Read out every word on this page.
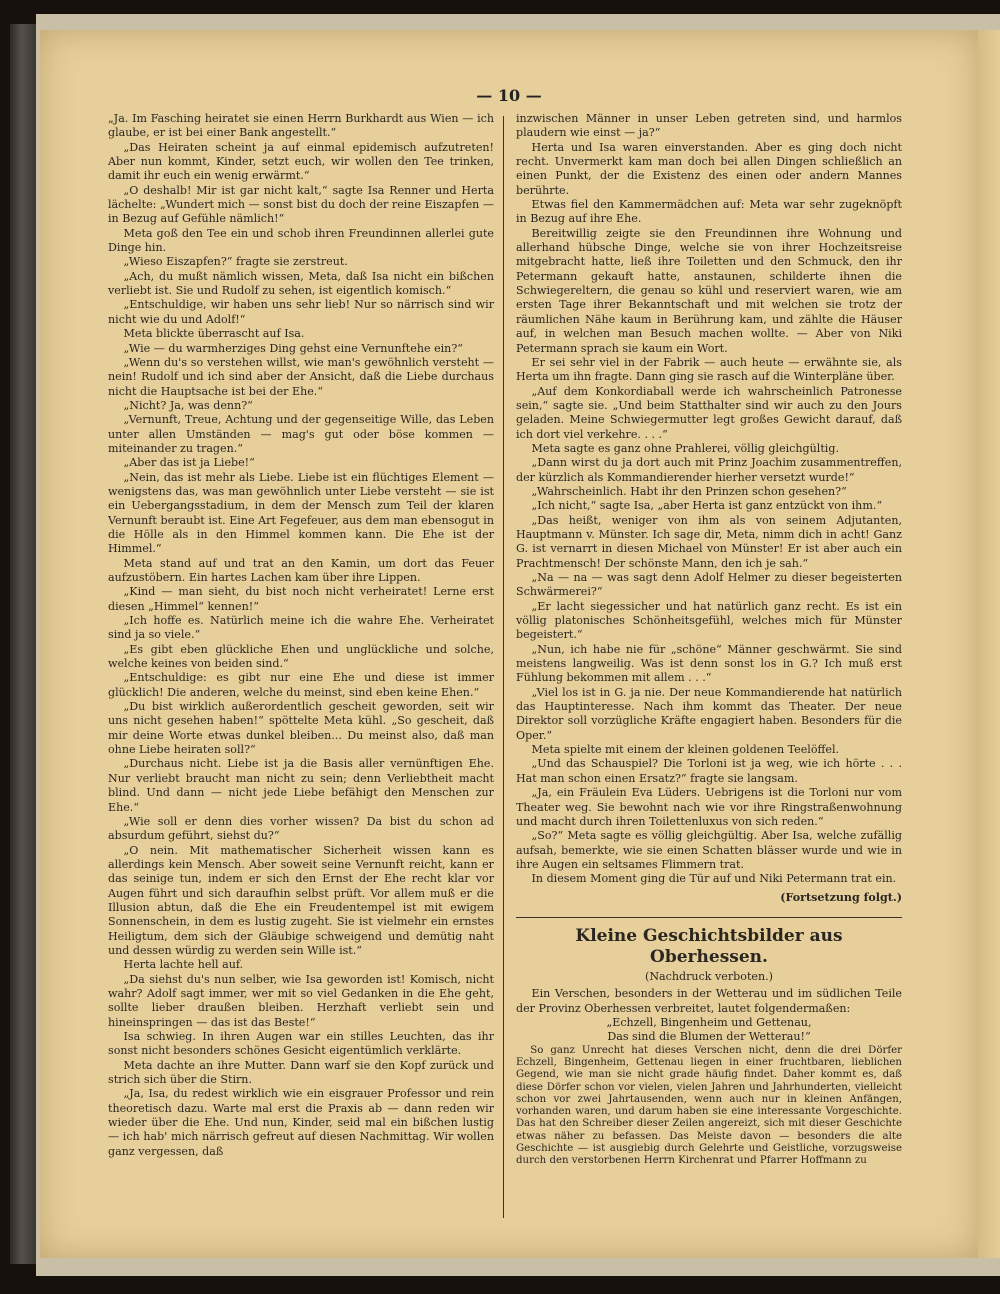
— 10 —

„Ja. Im Fasching heiratet sie einen Herrn Burkhardt aus Wien — ich glaube, er ist bei einer Bank angestellt.“

„Das Heiraten scheint ja auf einmal epidemisch aufzutreten! Aber nun kommt, Kinder, setzt euch, wir wollen den Tee trinken, damit ihr euch ein wenig erwärmt.“

„O deshalb! Mir ist gar nicht kalt,“ sagte Isa Renner und Herta lächelte: „Wundert mich — sonst bist du doch der reine Eiszapfen — in Bezug auf Gefühle nämlich!“

Meta goß den Tee ein und schob ihren Freundinnen allerlei gute Dinge hin.

„Wieso Eiszapfen?“ fragte sie zerstreut.

„Ach, du mußt nämlich wissen, Meta, daß Isa nicht ein bißchen verliebt ist. Sie und Rudolf zu sehen, ist eigentlich komisch.“

„Entschuldige, wir haben uns sehr lieb! Nur so närrisch sind wir nicht wie du und Adolf!“

Meta blickte überrascht auf Isa.

„Wie — du warmherziges Ding gehst eine Vernunftehe ein?“

„Wenn du's so verstehen willst, wie man's gewöhnlich versteht — nein! Rudolf und ich sind aber der Ansicht, daß die Liebe durchaus nicht die Hauptsache ist bei der Ehe.“

„Nicht? Ja, was denn?“

„Vernunft, Treue, Achtung und der gegenseitige Wille, das Leben unter allen Umständen — mag's gut oder böse kommen — miteinander zu tragen.“

„Aber das ist ja Liebe!“

„Nein, das ist mehr als Liebe. Liebe ist ein flüchtiges Element — wenigstens das, was man gewöhnlich unter Liebe versteht — sie ist ein Uebergangsstadium, in dem der Mensch zum Teil der klaren Vernunft beraubt ist. Eine Art Fegefeuer, aus dem man ebensogut in die Hölle als in den Himmel kommen kann. Die Ehe ist der Himmel.“

Meta stand auf und trat an den Kamin, um dort das Feuer aufzustöbern. Ein hartes Lachen kam über ihre Lippen.

„Kind — man sieht, du bist noch nicht verheiratet! Lerne erst diesen „Himmel“ kennen!“

„Ich hoffe es. Natürlich meine ich die wahre Ehe. Verheiratet sind ja so viele.“

„Es gibt eben glückliche Ehen und unglückliche und solche, welche keines von beiden sind.“

„Entschuldige: es gibt nur eine Ehe und diese ist immer glücklich! Die anderen, welche du meinst, sind eben keine Ehen.“

„Du bist wirklich außerordentlich gescheit geworden, seit wir uns nicht gesehen haben!“ spöttelte Meta kühl. „So gescheit, daß mir deine Worte etwas dunkel bleiben... Du meinst also, daß man ohne Liebe heiraten soll?“

„Durchaus nicht. Liebe ist ja die Basis aller vernünftigen Ehe. Nur verliebt braucht man nicht zu sein; denn Verliebtheit macht blind. Und dann — nicht jede Liebe befähigt den Menschen zur Ehe.“

„Wie soll er denn dies vorher wissen? Da bist du schon ad absurdum geführt, siehst du?“

„O nein. Mit mathematischer Sicherheit wissen kann es allerdings kein Mensch. Aber soweit seine Vernunft reicht, kann er das seinige tun, indem er sich den Ernst der Ehe recht klar vor Augen führt und sich daraufhin selbst prüft. Vor allem muß er die Illusion abtun, daß die Ehe ein Freudentempel ist mit ewigem Sonnenschein, in dem es lustig zugeht. Sie ist vielmehr ein ernstes Heiligtum, dem sich der Gläubige schweigend und demütig naht und dessen würdig zu werden sein Wille ist.“

Herta lachte hell auf.

„Da siehst du's nun selber, wie Isa geworden ist! Komisch, nicht wahr? Adolf sagt immer, wer mit so viel Gedanken in die Ehe geht, sollte lieber draußen bleiben. Herzhaft verliebt sein und hineinspringen — das ist das Beste!“

Isa schwieg. In ihren Augen war ein stilles Leuchten, das ihr sonst nicht besonders schönes Gesicht eigentümlich verklärte.

Meta dachte an ihre Mutter. Dann warf sie den Kopf zurück und strich sich über die Stirn.

„Ja, Isa, du redest wirklich wie ein eisgrauer Professor und rein theoretisch dazu. Warte mal erst die Praxis ab — dann reden wir wieder über die Ehe. Und nun, Kinder, seid mal ein bißchen lustig — ich hab' mich närrisch gefreut auf diesen Nachmittag. Wir wollen ganz vergessen, daß

inzwischen Männer in unser Leben getreten sind, und harmlos plaudern wie einst — ja?“

Herta und Isa waren einverstanden. Aber es ging doch nicht recht. Unvermerkt kam man doch bei allen Dingen schließlich an einen Punkt, der die Existenz des einen oder andern Mannes berührte.

Etwas fiel den Kammermädchen auf: Meta war sehr zugeknöpft in Bezug auf ihre Ehe.

Bereitwillig zeigte sie den Freundinnen ihre Wohnung und allerhand hübsche Dinge, welche sie von ihrer Hochzeitsreise mitgebracht hatte, ließ ihre Toiletten und den Schmuck, den ihr Petermann gekauft hatte, anstaunen, schilderte ihnen die Schwiegereltern, die genau so kühl und reserviert waren, wie am ersten Tage ihrer Bekanntschaft und mit welchen sie trotz der räumlichen Nähe kaum in Berührung kam, und zählte die Häuser auf, in welchen man Besuch machen wollte. — Aber von Niki Petermann sprach sie kaum ein Wort.

Er sei sehr viel in der Fabrik — auch heute — erwähnte sie, als Herta um ihn fragte. Dann ging sie rasch auf die Winterpläne über.

„Auf dem Konkordiaball werde ich wahrscheinlich Patronesse sein,“ sagte sie. „Und beim Statthalter sind wir auch zu den Jours geladen. Meine Schwiegermutter legt großes Gewicht darauf, daß ich dort viel verkehre. . . .“

Meta sagte es ganz ohne Prahlerei, völlig gleichgültig.

„Dann wirst du ja dort auch mit Prinz Joachim zusammentreffen, der kürzlich als Kommandierender hierher versetzt wurde!“

„Wahrscheinlich. Habt ihr den Prinzen schon gesehen?“

„Ich nicht,“ sagte Isa, „aber Herta ist ganz entzückt von ihm.“

„Das heißt, weniger von ihm als von seinem Adjutanten, Hauptmann v. Münster. Ich sage dir, Meta, nimm dich in acht! Ganz G. ist vernarrt in diesen Michael von Münster! Er ist aber auch ein Prachtmensch! Der schönste Mann, den ich je sah.“

„Na — na — was sagt denn Adolf Helmer zu dieser begeisterten Schwärmerei?“

„Er lacht siegessicher und hat natürlich ganz recht. Es ist ein völlig platonisches Schönheitsgefühl, welches mich für Münster begeistert.“

„Nun, ich habe nie für „schöne“ Männer geschwärmt. Sie sind meistens langweilig. Was ist denn sonst los in G.? Ich muß erst Fühlung bekommen mit allem . . .“

„Viel los ist in G. ja nie. Der neue Kommandierende hat natürlich das Hauptinteresse. Nach ihm kommt das Theater. Der neue Direktor soll vorzügliche Kräfte engagiert haben. Besonders für die Oper.“

Meta spielte mit einem der kleinen goldenen Teelöffel.

„Und das Schauspiel? Die Torloni ist ja weg, wie ich hörte . . . Hat man schon einen Ersatz?“ fragte sie langsam.

„Ja, ein Fräulein Eva Lüders. Uebrigens ist die Torloni nur vom Theater weg. Sie bewohnt nach wie vor ihre Ringstraßenwohnung und macht durch ihren Toilettenluxus von sich reden.“

„So?“ Meta sagte es völlig gleichgültig. Aber Isa, welche zufällig aufsah, bemerkte, wie sie einen Schatten blässer wurde und wie in ihre Augen ein seltsames Flimmern trat.

In diesem Moment ging die Tür auf und Niki Petermann trat ein.

(Fortsetzung folgt.)

Kleine Geschichtsbilder aus Oberhessen.

(Nachdruck verboten.)

Ein Verschen, besonders in der Wetterau und im südlichen Teile der Provinz Oberhessen verbreitet, lautet folgendermaßen:

„Echzell, Bingenheim und Gettenau,

Das sind die Blumen der Wetterau!“

So ganz Unrecht hat dieses Verschen nicht, denn die drei Dörfer Echzell, Bingenheim, Gettenau liegen in einer fruchtbaren, lieblichen Gegend, wie man sie nicht grade häufig findet. Daher kommt es, daß diese Dörfer schon vor vielen, vielen Jahren und Jahrhunderten, vielleicht schon vor zwei Jahrtausenden, wenn auch nur in kleinen Anfängen, vorhanden waren, und darum haben sie eine interessante Vorgeschichte. Das hat den Schreiber dieser Zeilen angereizt, sich mit dieser Geschichte etwas näher zu befassen. Das Meiste davon — besonders die alte Geschichte — ist ausgiebig durch Gelehrte und Geistliche, vorzugsweise durch den verstorbenen Herrn Kirchenrat und Pfarrer Hoffmann zu
